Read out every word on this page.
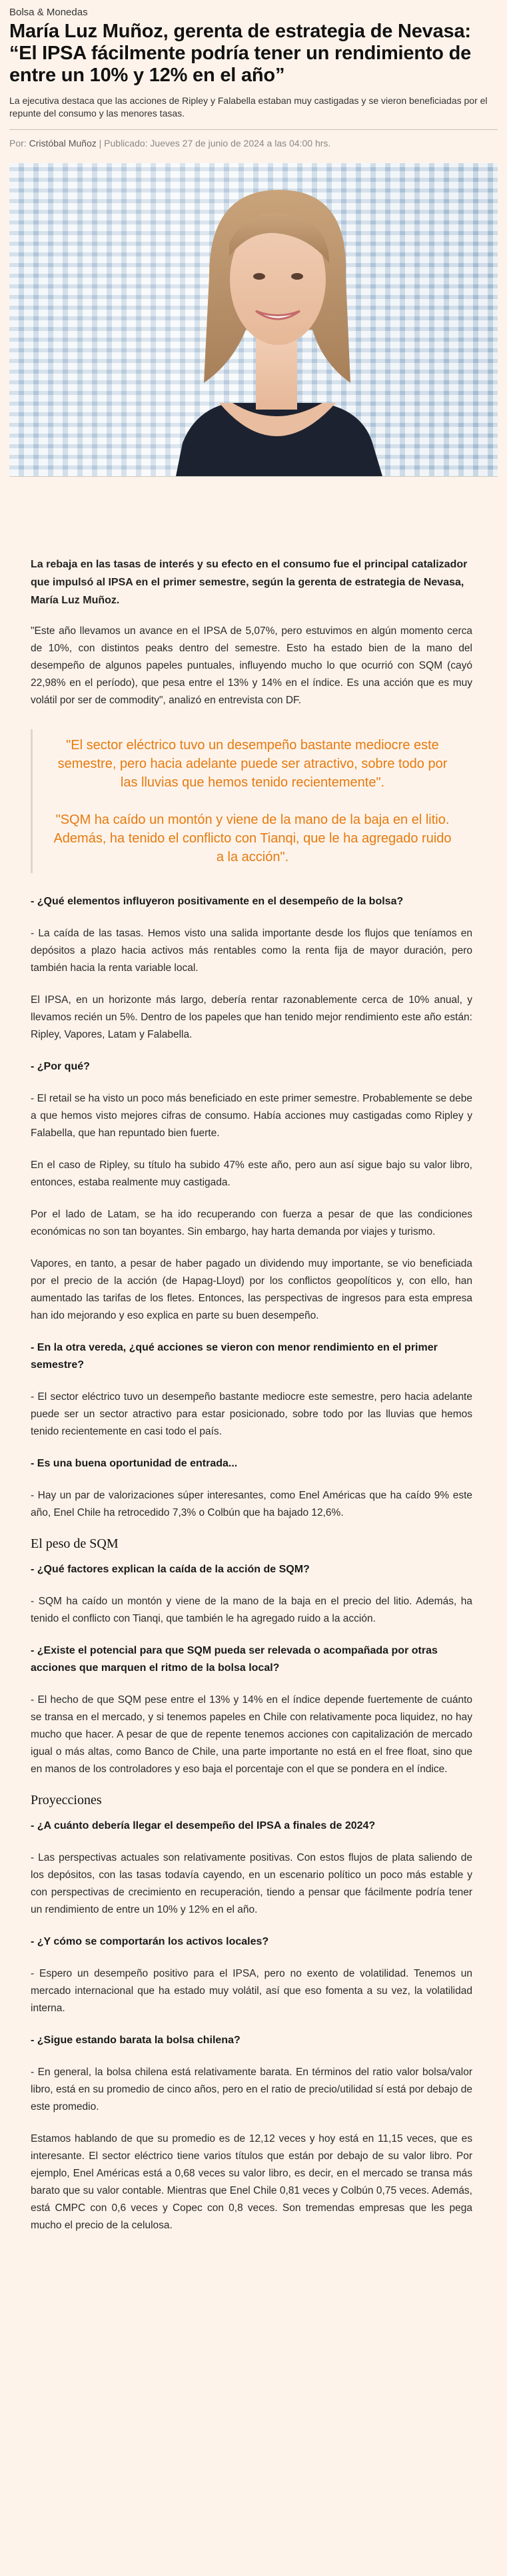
Bolsa & Monedas
María Luz Muñoz, gerenta de estrategia de Nevasa: “El IPSA fácilmente podría tener un rendimiento de entre un 10% y 12% en el año”
La ejecutiva destaca que las acciones de Ripley y Falabella estaban muy castigadas y se vieron beneficiadas por el repunte del consumo y las menores tasas.
Por: Cristóbal Muñoz | Publicado: Jueves 27 de junio de 2024 a las 04:00 hrs.

La rebaja en las tasas de interés y su efecto en el consumo fue el principal catalizador que impulsó al IPSA en el primer semestre, según la gerenta de estrategia de Nevasa, María Luz Muñoz.

"Este año llevamos un avance en el IPSA de 5,07%, pero estuvimos en algún momento cerca de 10%, con distintos peaks dentro del semestre. Esto ha estado bien de la mano del desempeño de algunos papeles puntuales, influyendo mucho lo que ocurrió con SQM (cayó 22,98% en el período), que pesa entre el 13% y 14% en el índice. Es una acción que es muy volátil por ser de commodity", analizó en entrevista con DF.

"El sector eléctrico tuvo un desempeño bastante mediocre este semestre, pero hacia adelante puede ser atractivo, sobre todo por las lluvias que hemos tenido recientemente".

"SQM ha caído un montón y viene de la mano de la baja en el litio. Además, ha tenido el conflicto con Tianqi, que le ha agregado ruido a la acción".

- ¿Qué elementos influyeron positivamente en el desempeño de la bolsa?

- La caída de las tasas. Hemos visto una salida importante desde los flujos que teníamos en depósitos a plazo hacia activos más rentables como la renta fija de mayor duración, pero también hacia la renta variable local.

El IPSA, en un horizonte más largo, debería rentar razonablemente cerca de 10% anual, y llevamos recién un 5%. Dentro de los papeles que han tenido mejor rendimiento este año están: Ripley, Vapores, Latam y Falabella.

- ¿Por qué?

- El retail se ha visto un poco más beneficiado en este primer semestre. Probablemente se debe a que hemos visto mejores cifras de consumo. Había acciones muy castigadas como Ripley y Falabella, que han repuntado bien fuerte.

En el caso de Ripley, su título ha subido 47% este año, pero aun así sigue bajo su valor libro, entonces, estaba realmente muy castigada.

Por el lado de Latam, se ha ido recuperando con fuerza a pesar de que las condiciones económicas no son tan boyantes. Sin embargo, hay harta demanda por viajes y turismo.

Vapores, en tanto, a pesar de haber pagado un dividendo muy importante, se vio beneficiada por el precio de la acción (de Hapag-Lloyd) por los conflictos geopolíticos y, con ello, han aumentado las tarifas de los fletes. Entonces, las perspectivas de ingresos para esta empresa han ido mejorando y eso explica en parte su buen desempeño.

- En la otra vereda, ¿qué acciones se vieron con menor rendimiento en el primer semestre?

- El sector eléctrico tuvo un desempeño bastante mediocre este semestre, pero hacia adelante puede ser un sector atractivo para estar posicionado, sobre todo por las lluvias que hemos tenido recientemente en casi todo el país.

- Es una buena oportunidad de entrada...

- Hay un par de valorizaciones súper interesantes, como Enel Américas que ha caído 9% este año, Enel Chile ha retrocedido 7,3% o Colbún que ha bajado 12,6%.

El peso de SQM

- ¿Qué factores explican la caída de la acción de SQM?

- SQM ha caído un montón y viene de la mano de la baja en el precio del litio. Además, ha tenido el conflicto con Tianqi, que también le ha agregado ruido a la acción.

- ¿Existe el potencial para que SQM pueda ser relevada o acompañada por otras acciones que marquen el ritmo de la bolsa local?

- El hecho de que SQM pese entre el 13% y 14% en el índice depende fuertemente de cuánto se transa en el mercado, y si tenemos papeles en Chile con relativamente poca liquidez, no hay mucho que hacer. A pesar de que de repente tenemos acciones con capitalización de mercado igual o más altas, como Banco de Chile, una parte importante no está en el free float, sino que en manos de los controladores y eso baja el porcentaje con el que se pondera en el índice.

Proyecciones

- ¿A cuánto debería llegar el desempeño del IPSA a finales de 2024?

- Las perspectivas actuales son relativamente positivas. Con estos flujos de plata saliendo de los depósitos, con las tasas todavía cayendo, en un escenario político un poco más estable y con perspectivas de crecimiento en recuperación, tiendo a pensar que fácilmente podría tener un rendimiento de entre un 10% y 12% en el año.

- ¿Y cómo se comportarán los activos locales?

- Espero un desempeño positivo para el IPSA, pero no exento de volatilidad. Tenemos un mercado internacional que ha estado muy volátil, así que eso fomenta a su vez, la volatilidad interna.

- ¿Sigue estando barata la bolsa chilena?

- En general, la bolsa chilena está relativamente barata. En términos del ratio valor bolsa/valor libro, está en su promedio de cinco años, pero en el ratio de precio/utilidad sí está por debajo de este promedio.

Estamos hablando de que su promedio es de 12,12 veces y hoy está en 11,15 veces, que es interesante. El sector eléctrico tiene varios títulos que están por debajo de su valor libro. Por ejemplo, Enel Américas está a 0,68 veces su valor libro, es decir, en el mercado se transa más barato que su valor contable. Mientras que Enel Chile 0,81 veces y Colbún 0,75 veces. Además, está CMPC con 0,6 veces y Copec con 0,8 veces. Son tremendas empresas que les pega mucho el precio de la celulosa.
